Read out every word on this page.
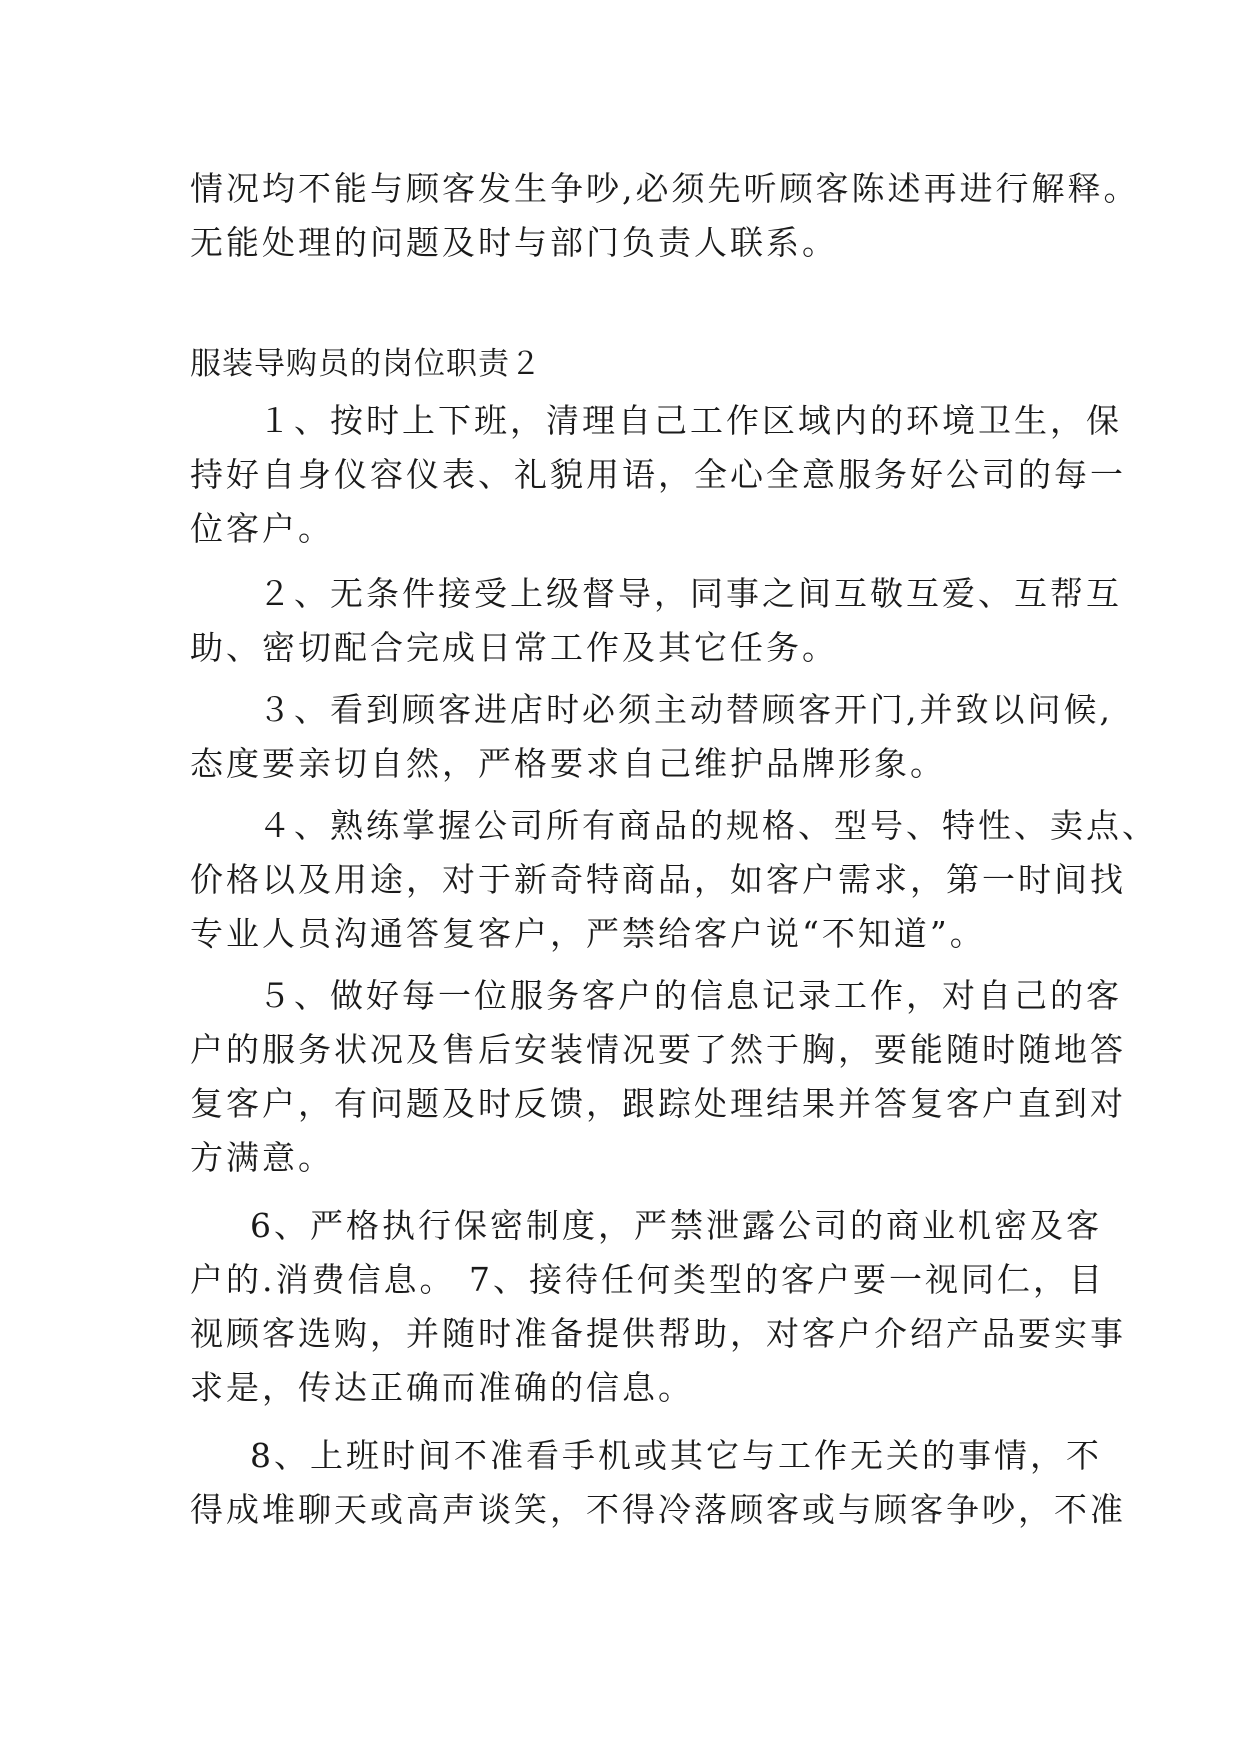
情况均不能与顾客发生争吵,必须先听顾客陈述再进行解释。
无能处理的问题及时与部门负责人联系。
服装导购员的岗位职责２
１、按时上下班，清理自己工作区域内的环境卫生，保
持好自身仪容仪表、礼貌用语，全心全意服务好公司的每一
位客户。
２、无条件接受上级督导，同事之间互敬互爱、互帮互
助、密切配合完成日常工作及其它任务。
３、看到顾客进店时必须主动替顾客开门,并致以问候,
态度要亲切自然，严格要求自己维护品牌形象。
４、熟练掌握公司所有商品的规格、型号、特性、卖点、
价格以及用途，对于新奇特商品，如客户需求，第一时间找
专业人员沟通答复客户，严禁给客户说“不知道”。
５、做好每一位服务客户的信息记录工作，对自己的客
户的服务状况及售后安装情况要了然于胸，要能随时随地答
复客户，有问题及时反馈，跟踪处理结果并答复客户直到对
方满意。
6、严格执行保密制度，严禁泄露公司的商业机密及客
户的.消费信息。 7、接待任何类型的客户要一视同仁，目
视顾客选购，并随时准备提供帮助，对客户介绍产品要实事
求是，传达正确而准确的信息。
8、上班时间不准看手机或其它与工作无关的事情，不
得成堆聊天或高声谈笑，不得冷落顾客或与顾客争吵，不准
